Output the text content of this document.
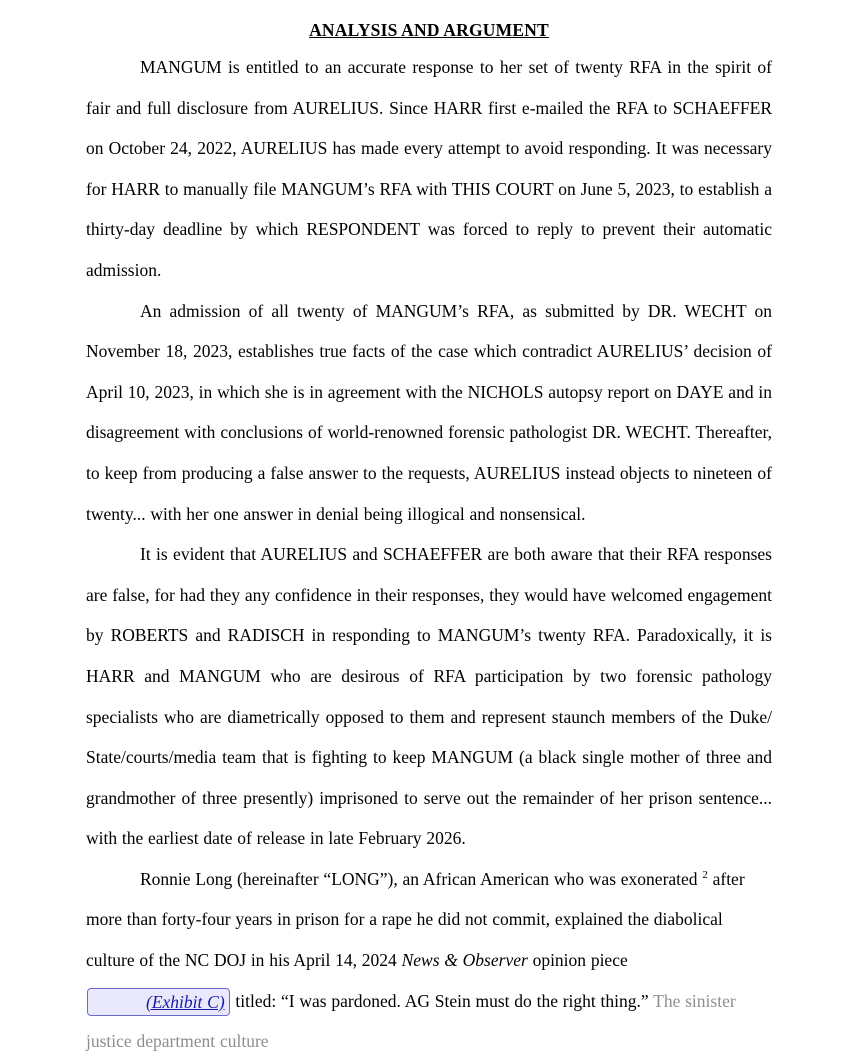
ANALYSIS AND ARGUMENT

MANGUM is entitled to an accurate response to her set of twenty RFA in the spirit of fair and full disclosure from AURELIUS. Since HARR first e-mailed the RFA to SCHAEFFER on October 24, 2022, AURELIUS has made every attempt to avoid responding. It was necessary for HARR to manually file MANGUM’s RFA with THIS COURT on June 5, 2023, to establish a thirty-day deadline by which RESPONDENT was forced to reply to prevent their automatic admission.

An admission of all twenty of MANGUM’s RFA, as submitted by DR. WECHT on November 18, 2023, establishes true facts of the case which contradict AURELIUS’ decision of April 10, 2023, in which she is in agreement with the NICHOLS autopsy report on DAYE and in disagreement with conclusions of world-renowned forensic pathologist DR. WECHT. Thereafter, to keep from producing a false answer to the requests, AURELIUS instead objects to nineteen of twenty... with her one answer in denial being illogical and nonsensical.

It is evident that AURELIUS and SCHAEFFER are both aware that their RFA responses are false, for had they any confidence in their responses, they would have welcomed engagement by ROBERTS and RADISCH in responding to MANGUM’s twenty RFA. Paradoxically, it is HARR and MANGUM who are desirous of RFA participation by two forensic pathology specialists who are diametrically opposed to them and represent staunch members of the Duke/ State/courts/media team that is fighting to keep MANGUM (a black single mother of three and grandmother of three presently) imprisoned to serve out the remainder of her prison sentence... with the earliest date of release in late February 2026.

Ronnie Long (hereinafter “LONG”), an African American who was exonerated $^2$ after more than forty-four years in prison for a rape he did not commit, explained the diabolical culture of the NC DOJ in his April 14, 2024 News & Observer opinion piece (Exhibit C) titled: “I was pardoned. AG Stein must do the right thing.” The sinister justice department culture
